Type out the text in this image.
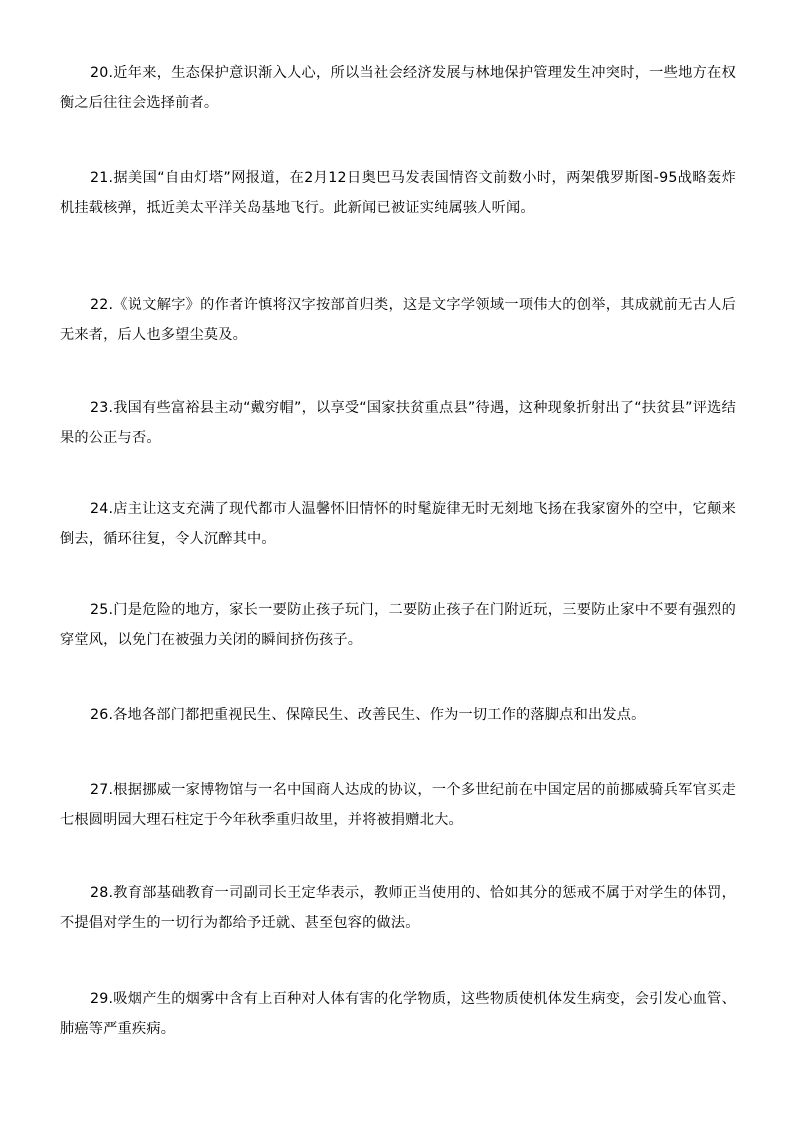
20.近年来，生态保护意识渐入人心，所以当社会经济发展与林地保护管理发生冲突时，一些地方在权衡之后往往会选择前者。

21.据美国“自由灯塔”网报道，在2月12日奥巴马发表国情咨文前数小时，两架俄罗斯图-95战略轰炸机挂载核弹，抵近美太平洋关岛基地飞行。此新闻已被证实纯属骇人听闻。

22.《说文解字》的作者许慎将汉字按部首归类，这是文字学领域一项伟大的创举，其成就前无古人后无来者，后人也多望尘莫及。

23.我国有些富裕县主动“戴穷帽”，以享受“国家扶贫重点县”待遇，这种现象折射出了“扶贫县”评选结果的公正与否。

24.店主让这支充满了现代都市人温馨怀旧情怀的时髦旋律无时无刻地飞扬在我家窗外的空中，它颠来倒去，循环往复，令人沉醉其中。

25.门是危险的地方，家长一要防止孩子玩门，二要防止孩子在门附近玩，三要防止家中不要有强烈的穿堂风，以免门在被强力关闭的瞬间挤伤孩子。

26.各地各部门都把重视民生、保障民生、改善民生、作为一切工作的落脚点和出发点。

27.根据挪威一家博物馆与一名中国商人达成的协议，一个多世纪前在中国定居的前挪威骑兵军官买走七根圆明园大理石柱定于今年秋季重归故里，并将被捐赠北大。

28.教育部基础教育一司副司长王定华表示，教师正当使用的、恰如其分的惩戒不属于对学生的体罚，不提倡对学生的一切行为都给予迁就、甚至包容的做法。

29.吸烟产生的烟雾中含有上百种对人体有害的化学物质，这些物质使机体发生病变，会引发心血管、肺癌等严重疾病。
